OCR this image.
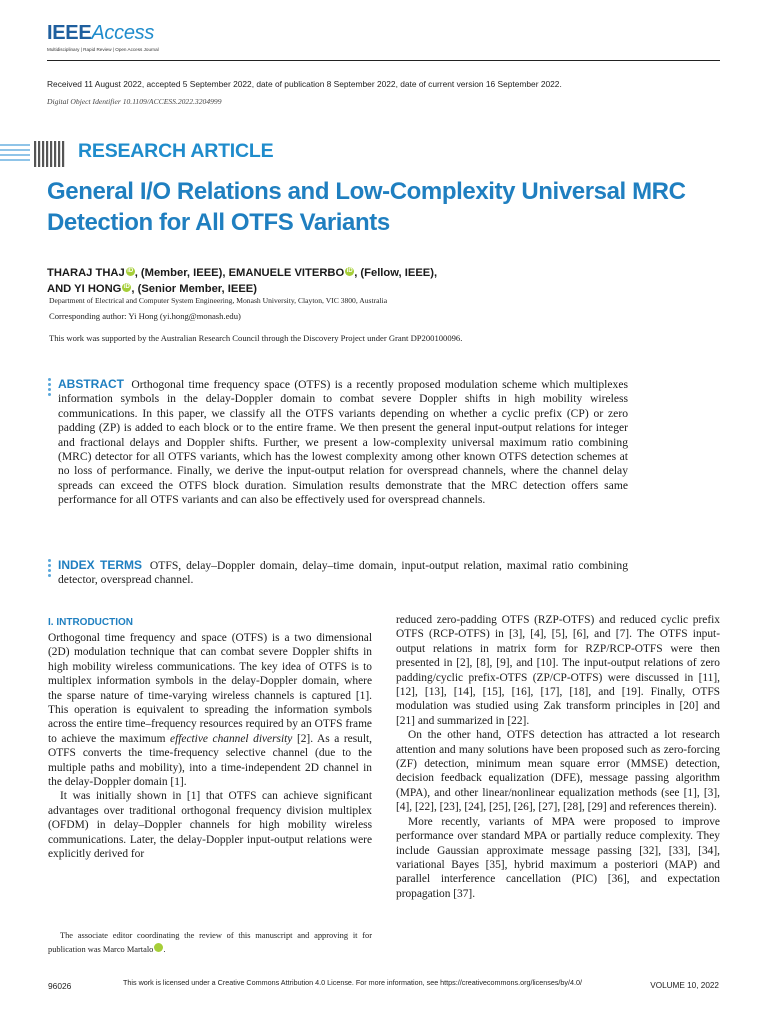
IEEEAccess
Multidisciplinary | Rapid Review | Open Access Journal
Received 11 August 2022, accepted 5 September 2022, date of publication 8 September 2022, date of current version 16 September 2022.
Digital Object Identifier 10.1109/ACCESS.2022.3204999
RESEARCH ARTICLE
General I/O Relations and Low-Complexity Universal MRC Detection for All OTFS Variants
THARAJ THAJ iD , (Member, IEEE), EMANUELE VITERBO iD , (Fellow, IEEE),
AND YI HONG iD , (Senior Member, IEEE)
Department of Electrical and Computer System Engineering, Monash University, Clayton, VIC 3800, Australia
Corresponding author: Yi Hong (yi.hong@monash.edu)
This work was supported by the Australian Research Council through the Discovery Project under Grant DP200100096.
ABSTRACT Orthogonal time frequency space (OTFS) is a recently proposed modulation scheme which multiplexes information symbols in the delay-Doppler domain to combat severe Doppler shifts in high mobility wireless communications. In this paper, we classify all the OTFS variants depending on whether a cyclic prefix (CP) or zero padding (ZP) is added to each block or to the entire frame. We then present the general input-output relations for integer and fractional delays and Doppler shifts. Further, we present a low-complexity universal maximum ratio combining (MRC) detector for all OTFS variants, which has the lowest complexity among other known OTFS detection schemes at no loss of performance. Finally, we derive the input-output relation for overspread channels, where the channel delay spreads can exceed the OTFS block duration. Simulation results demonstrate that the MRC detection offers same performance for all OTFS variants and can also be effectively used for overspread channels.
INDEX TERMS OTFS, delay–Doppler domain, delay–time domain, input-output relation, maximal ratio combining detector, overspread channel.
I. INTRODUCTION

Orthogonal time frequency and space (OTFS) is a two dimensional (2D) modulation technique that can combat severe Doppler shifts in high mobility wireless communications. The key idea of OTFS is to multiplex information symbols in the delay-Doppler domain, where the sparse nature of time-varying wireless channels is captured [1]. This operation is equivalent to spreading the information symbols across the entire time–frequency resources required by an OTFS frame to achieve the maximum effective channel diversity [2]. As a result, OTFS converts the time-frequency selective channel (due to the multiple paths and mobility), into a time-independent 2D channel in the delay-Doppler domain [1].

It was initially shown in [1] that OTFS can achieve significant advantages over traditional orthogonal frequency division multiplex (OFDM) in delay–Doppler channels for high mobility wireless communications. Later, the delay-Doppler input-output relations were explicitly derived for

The associate editor coordinating the review of this manuscript and approving it for publication was Marco Martalo iD.

reduced zero-padding OTFS (RZP-OTFS) and reduced cyclic prefix OTFS (RCP-OTFS) in [3], [4], [5], [6], and [7]. The OTFS input-output relations in matrix form for RZP/RCP-OTFS were then presented in [2], [8], [9], and [10]. The input-output relations of zero padding/cyclic prefix-OTFS (ZP/CP-OTFS) were discussed in [11], [12], [13], [14], [15], [16], [17], [18], and [19]. Finally, OTFS modulation was studied using Zak transform principles in [20] and [21] and summarized in [22].

On the other hand, OTFS detection has attracted a lot research attention and many solutions have been proposed such as zero-forcing (ZF) detection, minimum mean square error (MMSE) detection, decision feedback equalization (DFE), message passing algorithm (MPA), and other linear/nonlinear equalization methods (see [1], [3], [4], [22], [23], [24], [25], [26], [27], [28], [29] and references therein).

More recently, variants of MPA were proposed to improve performance over standard MPA or partially reduce complexity. They include Gaussian approximate message passing [32], [33], [34], variational Bayes [35], hybrid maximum a posteriori (MAP) and parallel interference cancellation (PIC) [36], and expectation propagation [37].

96026	This work is licensed under a Creative Commons Attribution 4.0 License. For more information, see https://creativecommons.org/licenses/by/4.0/	VOLUME 10, 2022
